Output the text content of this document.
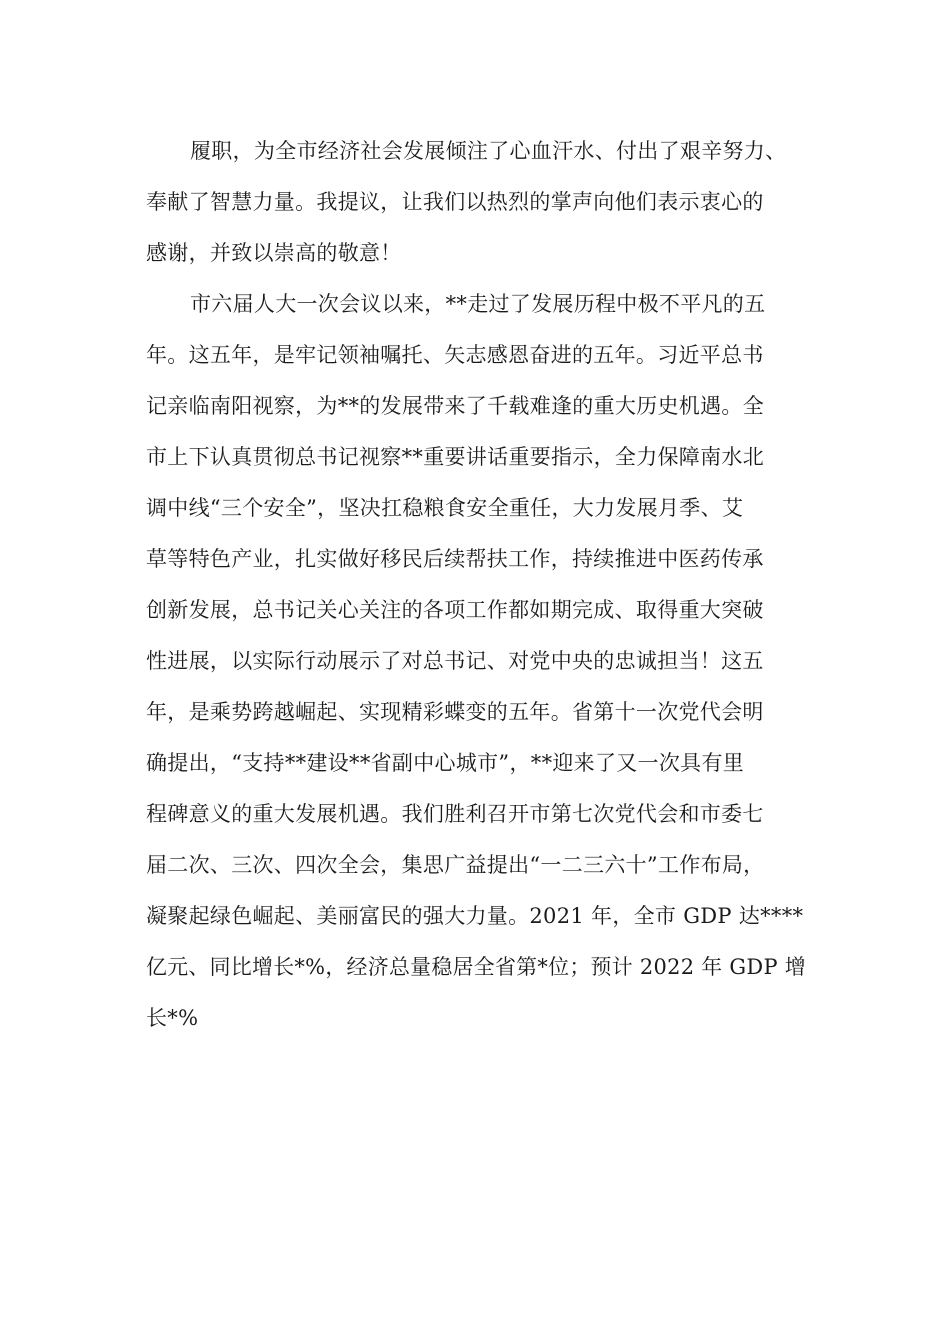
履职，为全市经济社会发展倾注了心血汗水、付出了艰辛努力、
奉献了智慧力量。我提议，让我们以热烈的掌声向他们表示衷心的
感谢，并致以崇高的敬意！
市六届人大一次会议以来，**走过了发展历程中极不平凡的五
年。这五年，是牢记领袖嘱托、矢志感恩奋进的五年。习近平总书
记亲临南阳视察，为**的发展带来了千载难逢的重大历史机遇。全
市上下认真贯彻总书记视察**重要讲话重要指示，全力保障南水北
调中线“三个安全”，坚决扛稳粮食安全重任，大力发展月季、艾
草等特色产业，扎实做好移民后续帮扶工作，持续推进中医药传承
创新发展，总书记关心关注的各项工作都如期完成、取得重大突破
性进展，以实际行动展示了对总书记、对党中央的忠诚担当！这五
年，是乘势跨越崛起、实现精彩蝶变的五年。省第十一次党代会明
确提出，“支持**建设**省副中心城市”，**迎来了又一次具有里
程碑意义的重大发展机遇。我们胜利召开市第七次党代会和市委七
届二次、三次、四次全会，集思广益提出“一二三六十”工作布局，
凝聚起绿色崛起、美丽富民的强大力量。2021 年，全市 GDP 达****
亿元、同比增长*%，经济总量稳居全省第*位；预计 2022 年 GDP 增
长*%
